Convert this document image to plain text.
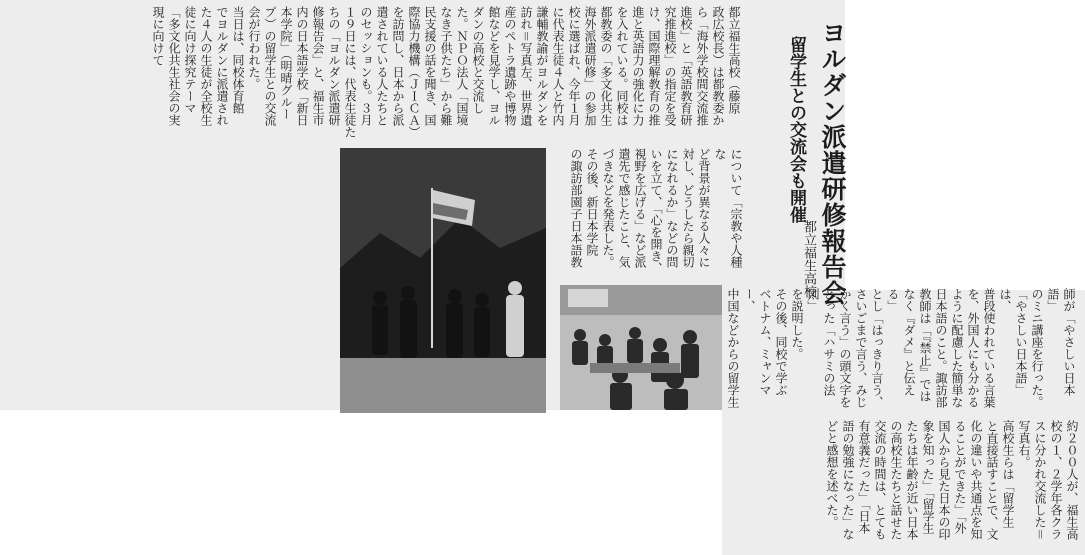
ヨルダン派遣研修報告会
留学生との交流会も開催
都立福生高校
都立福生高校（藤原
政広校長）は都教委か
ら「海外学校間交流推
進校」と「英語教育研
究推進校」の指定を受
け、国際理解教育の推
進と英語力の強化に力
を入れている。同校は
都教委の「多文化共生
海外派遣研修」の参加
校に選ばれ、今年１月
に代表生徒４人と竹内
謙輔教諭がヨルダンを
訪れ＝写真左、世界遺
産のペトラ遺跡や博物
館などを見学し、ヨル
ダンの高校と交流し
た。ＮＰＯ法人「国境
なき子供たち」から難
民支援の話を聞き、国
際協力機構（ＪＩＣＡ）
を訪問し、日本から派
遣されている人たちと
のセッションも。３月
１９日には、代表生徒た
ちの「ヨルダン派遣研
修報告会」と、福生市
内の日本語学校「新日
本学院」（明晴グルー
プ）の留学生との交流
会が行われた。
当日は、同校体育館
でヨルダンに派遣され
た４人の生徒が全校生
徒に向け探究テーマ
「多文化共生社会の実
現に向けて
について「宗教や人種な
ど背景が異なる人々に
対し、どうしたら親切
になれるか」などの問
いを立て、「心を開き、
視野を広げる」など派
遣先で感じたこと、気
づきなどを発表した。
その後、新日本学院
の諏訪部園子日本語教
師が「やさしい日本語」
のミニ講座を行った。
「やさしい日本語」は、
普段使われている言葉
を、外国人にも分かる
ように配慮した簡単な
日本語のこと。諏訪部
教師は「『禁止』では
なく『ダメ』と伝える」
とし「はっきり言う、
さいごまで言う、みじ
かく言う」の頭文字を
とった「ハサミの法則」
を説明した。
その後、同校で学ぶ
ベトナム、ミャンマー、
中国などからの留学生
約２００人が、福生高
校の１、２学年各クラ
スに分かれ交流した＝
写真右。
高校生らは「留学生
と直接話すことで、文
化の違いや共通点を知
ることができた」「外
国人から見た日本の印
象を知った」「留学生
たちは年齢が近い日本
の高校生たちと話せた
交流の時間は、とても
有意義だった」「日本
語の勉強になった」な
どと感想を述べた。
